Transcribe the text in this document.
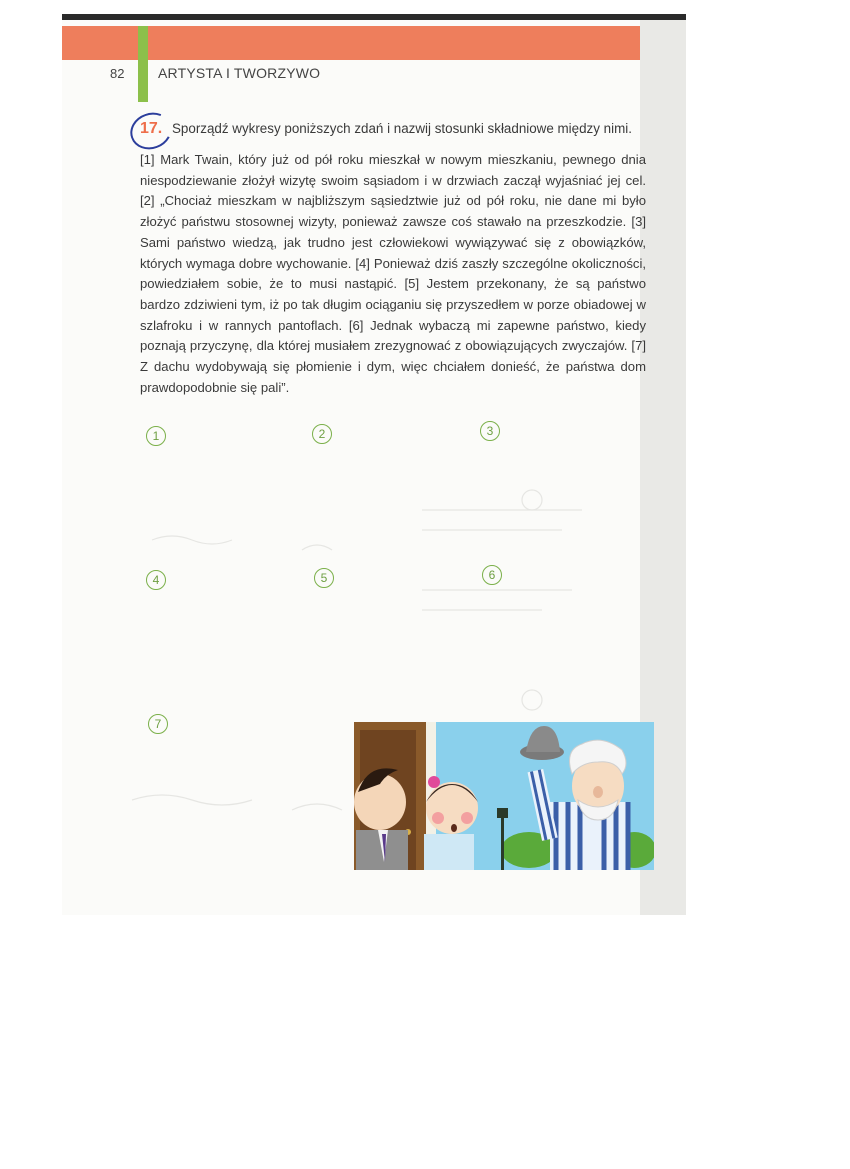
82 ARTYSTA I TWORZYWO
17. Sporządź wykresy poniższych zdań i nazwij stosunki składniowe między nimi.
[1] Mark Twain, który już od pół roku mieszkał w nowym mieszkaniu, pewnego dnia niespodziewanie złożył wizytę swoim sąsiadom i w drzwiach zaczął wyjaśniać jej cel. [2] „Chociaż mieszkam w najbliższym sąsiedztwie już od pół roku, nie dane mi było złożyć państwu stosownej wizyty, ponieważ zawsze coś stawało na przeszkodzie. [3] Sami państwo wiedzą, jak trudno jest człowiekowi wywiązywać się z obowiązków, których wymaga dobre wychowanie. [4] Ponieważ dziś zaszły szczególne okoliczności, powiedziałem sobie, że to musi nastąpić. [5] Jestem przekonany, że są państwo bardzo zdziwieni tym, iż po tak długim ociąganiu się przyszedłem w porze obiadowej w szlafroku i w rannych pantoflach. [6] Jednak wybaczą mi zapewne państwo, kiedy poznają przyczynę, dla której musiałem zrezygnować z obowiązujących zwyczajów. [7] Z dachu wydobywają się płomienie i dym, więc chciałem donieść, że państwa dom prawdopodobnie się pali”.
1	2	3
4	5	6
7
